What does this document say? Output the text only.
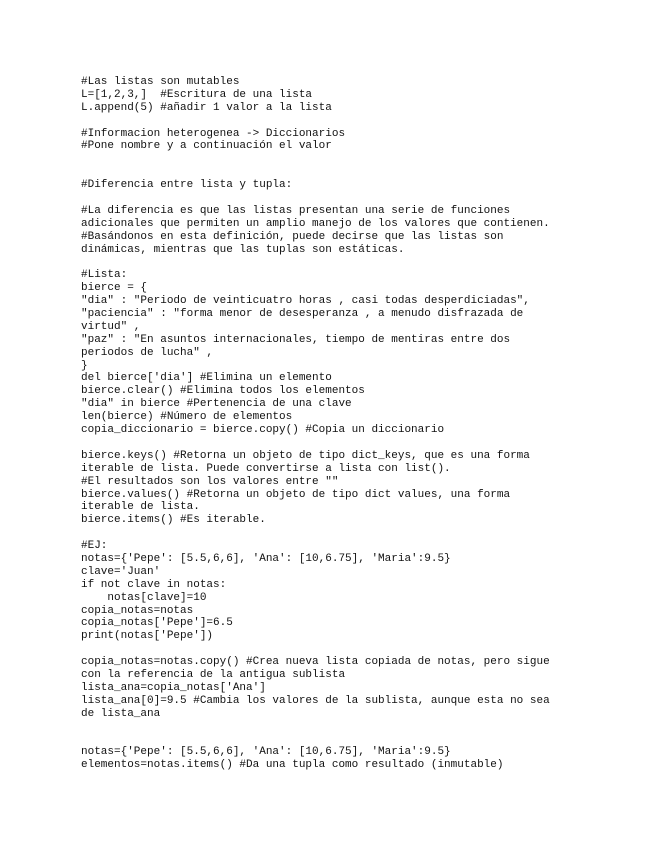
#Las listas son mutables
L=[1,2,3,]  #Escritura de una lista
L.append(5) #añadir 1 valor a la lista
#Informacion heterogenea -> Diccionarios
#Pone nombre y a continuación el valor
#Diferencia entre lista y tupla:
#La diferencia es que las listas presentan una serie de funciones
adicionales que permiten un amplio manejo de los valores que contienen.
#Basándonos en esta definición, puede decirse que las listas son
dinámicas, mientras que las tuplas son estáticas.
#Lista:
bierce = {
"dia" : "Periodo de veinticuatro horas , casi todas desperdiciadas",
"paciencia" : "forma menor de desesperanza , a menudo disfrazada de
virtud" ,
"paz" : "En asuntos internacionales, tiempo de mentiras entre dos
periodos de lucha" ,
}
del bierce['dia'] #Elimina un elemento
bierce.clear() #Elimina todos los elementos
"dia" in bierce #Pertenencia de una clave
len(bierce) #Número de elementos
copia_diccionario = bierce.copy() #Copia un diccionario
bierce.keys() #Retorna un objeto de tipo dict_keys, que es una forma
iterable de lista. Puede convertirse a lista con list().
#El resultados son los valores entre ""
bierce.values() #Retorna un objeto de tipo dict values, una forma
iterable de lista.
bierce.items() #Es iterable.
#EJ:
notas={'Pepe': [5.5,6,6], 'Ana': [10,6.75], 'Maria':9.5}
clave='Juan'
if not clave in notas:
notas[clave]=10
copia_notas=notas
copia_notas['Pepe']=6.5
print(notas['Pepe'])
copia_notas=notas.copy() #Crea nueva lista copiada de notas, pero sigue
con la referencia de la antigua sublista
lista_ana=copia_notas['Ana']
lista_ana[0]=9.5 #Cambia los valores de la sublista, aunque esta no sea
de lista_ana
notas={'Pepe': [5.5,6,6], 'Ana': [10,6.75], 'Maria':9.5}
elementos=notas.items() #Da una tupla como resultado (inmutable)
